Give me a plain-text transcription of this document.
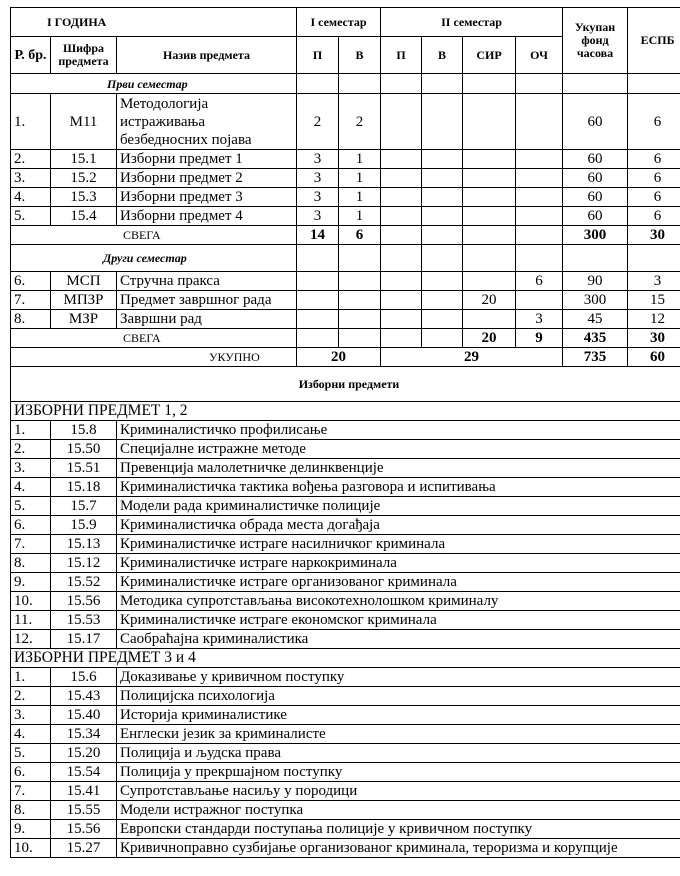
I ГОДИНА			I семестар		II семестар				Укупан фонд часова	ЕСПБ
Р. бр.	Шифра предмета	Назив предмета	П	В	П	В	СИР	ОЧ		
Први семестар										
1.	М11	Методологија истраживања безбедносних појава	2	2					60	6
2.	15.1	Изборни предмет 1	3	1					60	6
3.	15.2	Изборни предмет 2	3	1					60	6
4.	15.3	Изборни предмет 3	3	1					60	6
5.	15.4	Изборни предмет 4	3	1					60	6
СВЕГА			14	6					300	30
Други семестар										
6.	МСП	Стручна пракса						6	90	3
7.	МПЗР	Предмет завршног рада					20		300	15
8.	МЗР	Завршни рад						3	45	12
СВЕГА							20	9	435	30
УКУПНО			20		29				735	60
Изборни предмети										
ИЗБОРНИ ПРЕДМЕТ 1, 2										
1.	15.8	Криминалистичко профилисање								
2.	15.50	Специјалне истражне методе								
3.	15.51	Превенција малолетничке делинквенције								
4.	15.18	Криминалистичка тактика вођења разговора и испитивања								
5.	15.7	Модели рада криминалистичке полиције								
6.	15.9	Криминалистичка обрада места догађаја								
7.	15.13	Криминалистичке истраге насилничког криминала								
8.	15.12	Криминалистичке истраге наркокриминала								
9.	15.52	Криминалистичке истраге организованог криминала								
10.	15.56	Методика супротстављања високотехнолошком криминалу								
11.	15.53	Криминалистичке истраге економског криминала								
12.	15.17	Саобраћајна криминалистика								
ИЗБОРНИ ПРЕДМЕТ 3 и 4										
1.	15.6	Доказивање у кривичном поступку								
2.	15.43	Полицијска психологија								
3.	15.40	Историја криминалистике								
4.	15.34	Енглески језик за криминалисте								
5.	15.20	Полиција и људска права								
6.	15.54	Полиција у прекршајном поступку								
7.	15.41	Супротстављање насиљу у породици								
8.	15.55	Модели истражног поступка								
9.	15.56	Европски стандарди поступања полиције у кривичном поступку								
10.	15.27	Кривичноправно сузбијање организованог криминала, тероризма и корупције								
